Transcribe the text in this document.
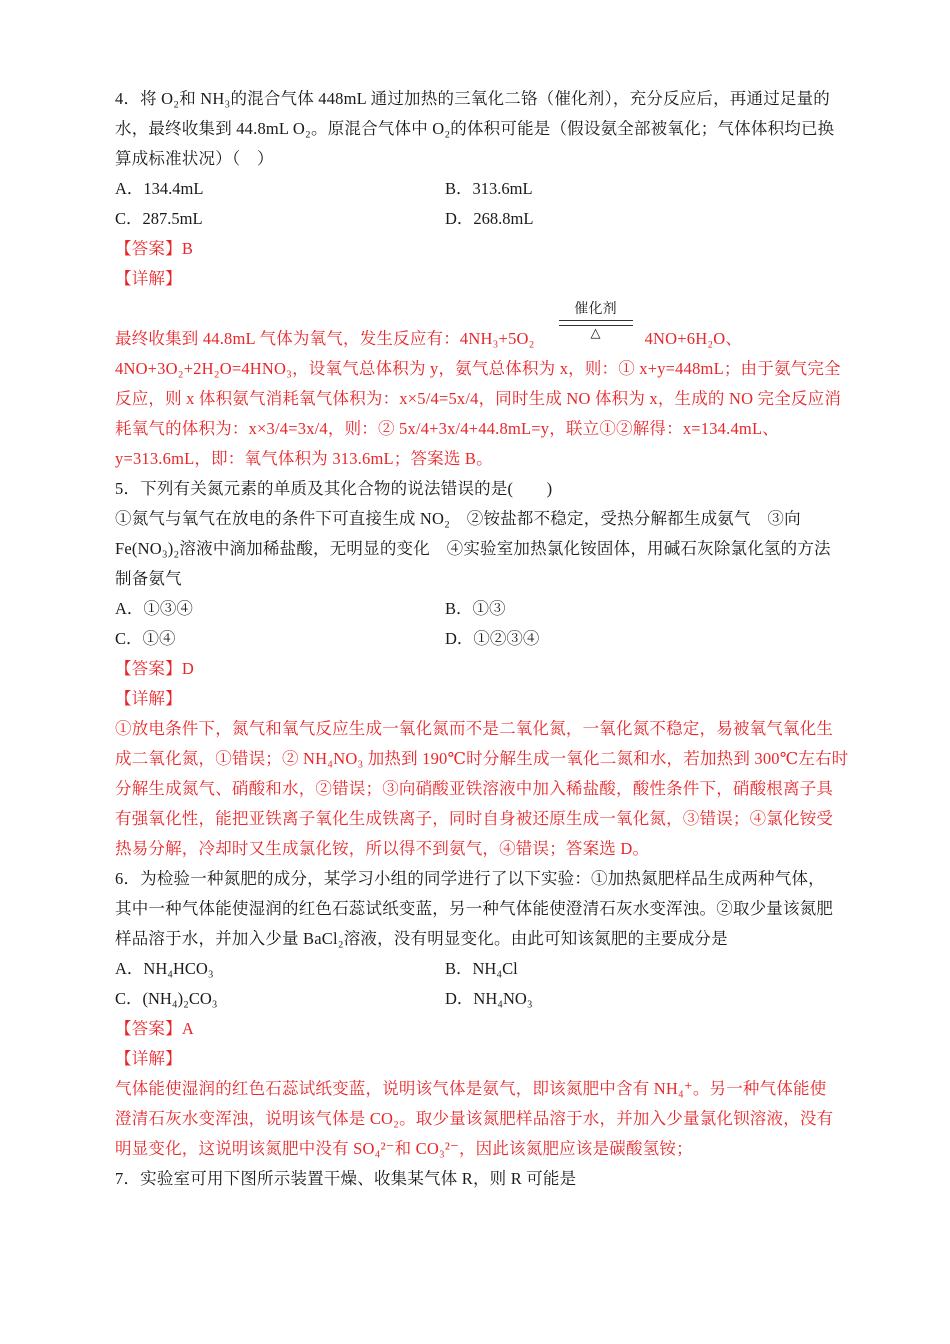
4．将 O₂和 NH₃的混合气体 448mL 通过加热的三氧化二铬（催化剂），充分反应后，再通过足量的
水，最终收集到 44.8mL O₂。原混合气体中 O₂的体积可能是（假设氨全部被氧化；气体体积均已换
算成标准状况）（　）
A．134.4mL	B．313.6mL
C．287.5mL	D．268.8mL
【答案】B
【详解】
最终收集到 44.8mL 气体为氧气，发生反应有：4NH₃+5O₂
催化剂
△	4NO+6H₂O、
4NO+3O₂+2H₂O=4HNO₃，设氧气总体积为 y，氨气总体积为 x，则：① x+y=448mL；由于氨气完全
反应，则 x 体积氨气消耗氧气体积为：x×5/4=5x/4，同时生成 NO 体积为 x，生成的 NO 完全反应消
耗氧气的体积为：x×3/4=3x/4，则：② 5x/4+3x/4+44.8mL=y，联立①②解得：x=134.4mL、
y=313.6mL，即：氧气体积为 313.6mL；答案选 B。
5．下列有关氮元素的单质及其化合物的说法错误的是(　　)
①氮气与氧气在放电的条件下可直接生成 NO₂　②铵盐都不稳定，受热分解都生成氨气　③向
Fe(NO₃)₂溶液中滴加稀盐酸，无明显的变化　④实验室加热氯化铵固体，用碱石灰除氯化氢的方法
制备氨气
A．①③④	B．①③
C．①④	D．①②③④
【答案】D
【详解】
①放电条件下，氮气和氧气反应生成一氧化氮而不是二氧化氮，一氧化氮不稳定，易被氧气氧化生
成二氧化氮，①错误；② NH₄NO₃ 加热到 190℃时分解生成一氧化二氮和水，若加热到 300℃左右时
分解生成氮气、硝酸和水，②错误；③向硝酸亚铁溶液中加入稀盐酸，酸性条件下，硝酸根离子具
有强氧化性，能把亚铁离子氧化生成铁离子，同时自身被还原生成一氧化氮，③错误；④氯化铵受
热易分解，冷却时又生成氯化铵，所以得不到氨气，④错误；答案选 D。
6．为检验一种氮肥的成分，某学习小组的同学进行了以下实验：①加热氮肥样品生成两种气体，
其中一种气体能使湿润的红色石蕊试纸变蓝，另一种气体能使澄清石灰水变浑浊。②取少量该氮肥
样品溶于水，并加入少量 BaCl₂溶液，没有明显变化。由此可知该氮肥的主要成分是
A．NH₄HCO₃	B．NH₄Cl
C．(NH₄)₂CO₃	D．NH₄NO₃
【答案】A
【详解】
气体能使湿润的红色石蕊试纸变蓝，说明该气体是氨气，即该氮肥中含有 NH₄⁺。另一种气体能使
澄清石灰水变浑浊，说明该气体是 CO₂。取少量该氮肥样品溶于水，并加入少量氯化钡溶液，没有
明显变化，这说明该氮肥中没有 SO₄²⁻和 CO₃²⁻，因此该氮肥应该是碳酸氢铵；
7．实验室可用下图所示装置干燥、收集某气体 R，则 R 可能是
